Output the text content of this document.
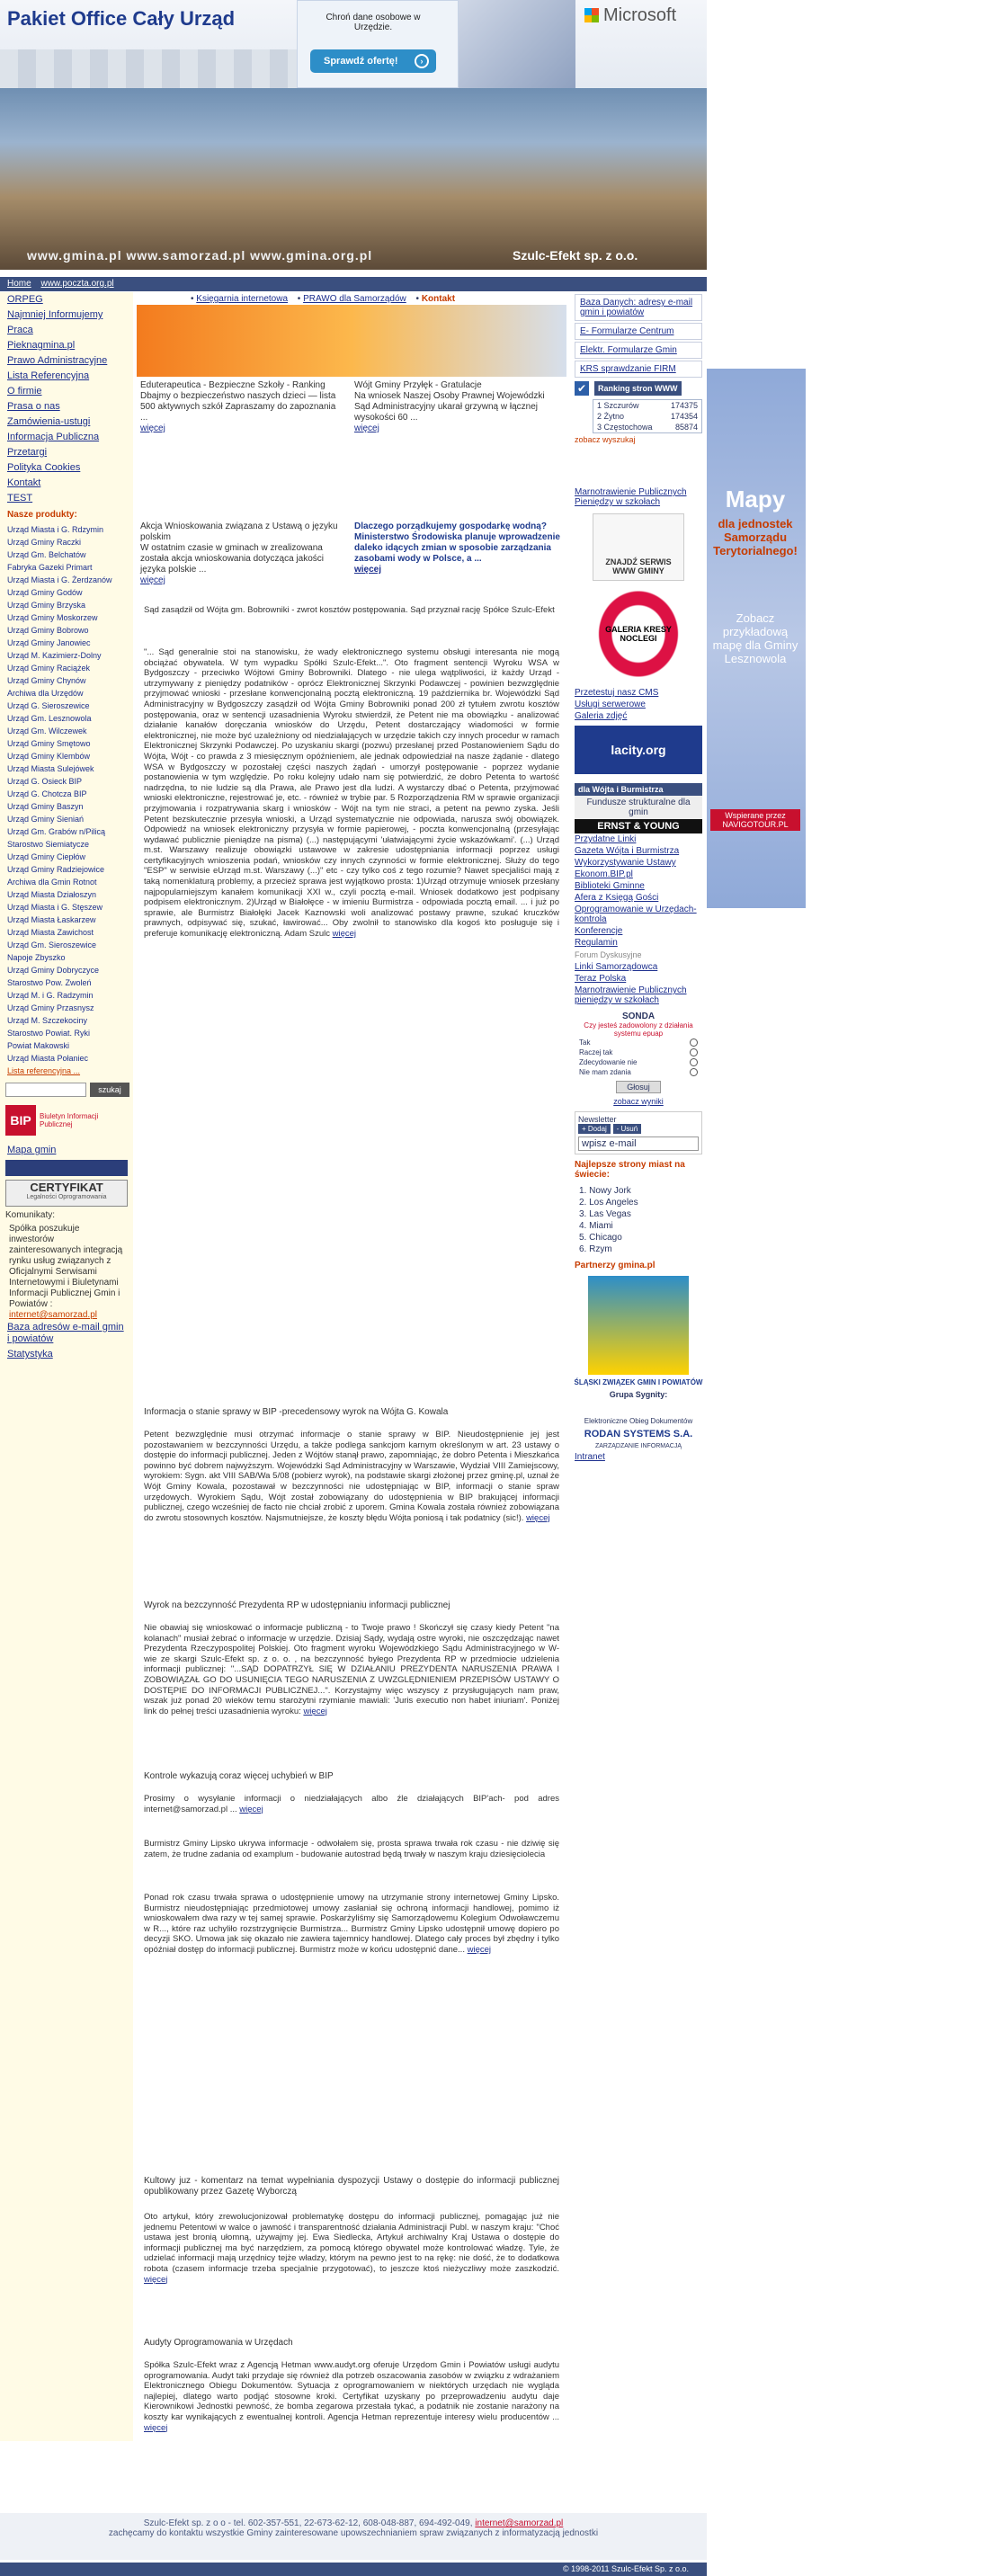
Pakiet Office Cały Urząd	Chroń dane osobowe w Urzędzie.
Sprawdź ofertę!	›
Microsoft
www.gmina.pl www.samorzad.pl www.gmina.org.pl	Szulc-Efekt sp. z o.o.
Home www.poczta.org.pl
ORPEG
Naj​mniej Informujemy
Praca
Pieknagmina.pl
Prawo Administracyjne
Lista Referencyjna
O firmie
Prasa o nas
Zamówienia-ustugi
Informacja Publiczna
Przetargi
Polityka Cookies
Kontakt
TEST
Nasze produkty:
Urząd Miasta i G. Rdzymin
Urząd Gminy Raczki
Urząd Gm. Belchatów
Fabryka Gazeki Primart
Urząd Miasta i G. Żerdzanów
Urząd Gminy Godów
Urząd Gminy Brzyska
Urząd Gminy Moskorzew
Urząd Gminy Bobrowo
Urząd Gminy Janowiec
Urząd M. Kazimierz-Dolny
Urząd Gminy Raciążek
Urząd Gminy Chynów
Archiwa dla Urzędów
Urząd G. Sieroszewice
Urząd Gm. Lesznowola
Urząd Gm. Wilczewek
Urząd Gminy Smętowo
Urząd Gminy Klembów
Urząd Miasta Sulejówek
Urząd G. Osieck BIP
Urząd G. Chotcza BIP
Urząd Gminy Baszyn
Urząd Gminy Sieniań
Urząd Gm. Grabów n/Pilicą
Starostwo Siemiatycze
Urząd Gminy Ciepłów
Urząd Gminy Radziejowice
Archiwa dla Gmin Rotnot
Urząd Miasta Działoszyn
Urząd Miasta i G. Stęszew
Urząd Miasta Łaskarzew
Urząd Miasta Zawichost
Urząd Gm. Sieroszewice
Napoje Zbyszko
Urząd Gminy Dobryczyce
Starostwo Pow. Zwoleń
Urząd M. i G. Radzymin
Urząd Gminy Przasnysz
Urząd M. Szczekociny
Starostwo Powiat. Ryki
Powiat Makowski
Urząd Miasta Połaniec
Lista referencyjna ...
szukaj
BIP	Biuletyn Informacji Publicznej
Mapa gmin
CERTYFIKAT
Legalności Oprogramowania
Komunikaty:
Spółka poszukuje inwestorów zainteresowanych integracją rynku usług związanych z Oficjalnymi Serwisami Internetowymi i Biuletynami Informacji Publicznej Gmin i Powiatów :
internet@samorzad.pl
Baza adresów e-mail gmin i powiatów
Statystyka
• Księgarnia internetowa • PRAWO dla Samorządów • Kontakt
Eduterapeutica - Bezpieczne Szkoły - Ranking
Dbajmy o bezpieczeństwo naszych dzieci — lista 500 aktywnych szkół Zapraszamy do zapoznania ...
więcej
Wójt Gminy Przyłęk - Gratulacje
Na wniosek Naszej Osoby Prawnej Wojewódzki Sąd Administracyjny ukarał grzywną w łącznej wysokości 60 ...
więcej
Akcja Wnioskowania związana z Ustawą o języku polskim
W ostatnim czasie w gminach w zrealizowana została akcja wnioskowania dotycząca jakości języka polskie ...
więcej
Dlaczego porządkujemy gospodarkę wodną? Ministerstwo Środowiska planuje wprowadzenie daleko idących zmian w sposobie zarządzania zasobami wody w Polsce, a ...
więcej
Sąd zasądził od Wójta gm. Bobrowniki - zwrot kosztów postępowania. Sąd przyznał rację Spółce Szulc-Efekt
"... Sąd generalnie stoi na stanowisku, że wady elektronicznego systemu obsługi interesanta nie mogą obciążać obywatela. W tym wypadku Spółki Szulc-Efekt...". Oto fragment sentencji Wyroku WSA w Bydgoszczy - przeciwko Wójtowi Gminy Bobrowniki. Dlatego - nie ulega wątpliwości, iż każdy Urząd - utrzymywany z pieniędzy podatników - oprócz Elektronicznej Skrzynki Podawczej - powinien bezwzględnie przyjmować wnioski - przesłane konwencjonalną pocztą elektroniczną. 19 października br. Wojewódzki Sąd Administracyjny w Bydgoszczy zasądził od Wójta Gminy Bobrowniki ponad 200 zł tytułem zwrotu kosztów postępowania, oraz w sentencji uzasadnienia Wyroku stwierdził, że Petent nie ma obowiązku - analizować działanie kanałów doręczania wniosków do Urzędu, Petent dostarczający wiadomości w formie elektronicznej, nie może być uzależniony od niedziałających w urzędzie takich czy innych procedur w ramach Elektronicznej Skrzynki Podawczej. Po uzyskaniu skargi (pozwu) przesłanej przed Postanowieniem Sądu do Wójta, Wójt - co prawda z 3 miesięcznym opóźnieniem, ale jednak odpowiedział na nasze żądanie - dlatego WSA w Bydgoszczy w pozostałej części naszych żądań - umorzył postępowanie - poprzez wydanie postanowienia w tym względzie. Po roku kolejny udało nam się potwierdzić, że dobro Petenta to wartość nadrzędna, to nie ludzie są dla Prawa, ale Prawo jest dla ludzi. A wystarczy dbać o Petenta, przyjmować wnioski elektroniczne, rejestrować je, etc. - również w trybie par. 5 Rozporządzenia RM w sprawie organizacji przyjmowania i rozpatrywania skarg i wniosków - Wójt na tym nie straci, a petent na pewno zyska. Jeśli Petent bezskutecznie przesyła wnioski, a Urząd systematycznie nie odpowiada, narusza swój obowiązek. Odpowiedź na wniosek elektroniczny przysyła w formie papierowej, - poczta konwencjonalną (przesyłając wydawać publicznie pieniądze na pisma) (...) następującymi 'ułatwiającymi życie wskazówkami'. (...) Urząd m.st. Warszawy realizuje obowiązki ustawowe w zakresie udostępniania informacji poprzez usługi certyfikacyjnych wnioszenia podań, wniosków czy innych czynności w formie elektronicznej. Służy do tego "ESP" w serwisie eUrząd m.st. Warszawy (...)" etc - czy tylko coś z tego rozumie? Nawet specjaliści mają z taką nomenklaturą problemy, a przecież sprawa jest wyjątkowo prosta: 1)Urząd otrzymuje wniosek przesłany najpopularniejszym kanałem komunikacji XXI w., czyli pocztą e-mail. Wniosek dodatkowo jest podpisany podpisem elektronicznym. 2)Urząd w Białołęce - w imieniu Burmistrza - odpowiada pocztą email. ... i już po sprawie, ale Burmistrz Białołęki Jacek Kaznowski woli analizować postawy prawne, szukać kruczków prawnych, odpisywać się, szukać, ławirować... Oby zwolnił to stanowisko dla kogoś kto posługuje się i preferuje komunikację elektroniczną. Adam Szulc więcej
Informacja o stanie sprawy w BIP -precedensowy wyrok na Wójta G. Kowala
Petent bezwzględnie musi otrzymać informacje o stanie sprawy w BIP. Nieudostępnienie jej jest pozostawaniem w bezczynności Urzędu, a także podlega sankcjom karnym określonym w art. 23 ustawy o dostępie do informacji publicznej. Jeden z Wójtów stanął prawo, zapomniając, że dobro Petenta i Mieszkańca powinno być dobrem najwyższym. Wojewódzki Sąd Administracyjny w Warszawie, Wydział VIII Zamiejscowy, wyrokiem: Sygn. akt VIII SAB/Wa 5/08 (pobierz wyrok), na podstawie skargi złożonej przez gminę.pl, uznał że Wójt Gminy Kowala, pozostawał w bezczynności nie udostępniając w BIP, informacji o stanie spraw urzędowych. Wyrokiem Sądu, Wójt został zobowiązany do udostępnienia w BIP brakującej informacji publicznej, czego wcześniej de facto nie chciał zrobić z uporem. Gmina Kowala została również zobowiązana do zwrotu stosownych kosztów. Najsmutniejsze, że koszty błędu Wójta poniosą i tak podatnicy (sic!). więcej
Wyrok na bezczynność Prezydenta RP w udostępnianiu informacji publicznej
Nie obawiaj się wnioskować o informacje publiczną - to Twoje prawo ! Skończył się czasy kiedy Petent "na kolanach" musiał żebrać o informacje w urzędzie. Dzisiaj Sądy, wydają ostre wyroki, nie oszczędzając nawet Prezydenta Rzeczypospolitej Polskiej. Oto fragment wyroku Wojewódzkiego Sądu Administracyjnego w W-wie ze skargi Szulc-Efekt sp. z o. o. , na bezczynność byłego Prezydenta RP w przedmiocie udzielenia informacji publicznej: "...SĄD DOPATRZYŁ SIĘ W DZIAŁANIU PREZYDENTA NARUSZENIA PRAWA I ZOBOWIĄZAŁ GO DO USUNIĘCIA TEGO NARUSZENIA Z UWZGLĘDNIENIEM PRZEPISÓW USTAWY O DOSTĘPIE DO INFORMACJI PUBLICZNEJ...". Korzystajmy więc wszyscy z przysługujących nam praw, wszak już ponad 20 wieków temu starożytni rzymianie mawiali: 'Juris executio non habet iniuriam'. Poniżej link do pełnej treści uzasadnienia wyroku: więcej
Kontrole wykazują coraz więcej uchybień w BIP
Prosimy o wysyłanie informacji o niedziałających albo źle działających BIP'ach- pod adres internet@samorzad.pl ... więcej
Burmistrz Gminy Lipsko ukrywa informacje - odwołałem się, prosta sprawa trwała rok czasu - nie dziwię się zatem, że trudne zadania od examplum - budowanie autostrad będą trwały w naszym kraju dziesięciolecia
Ponad rok czasu trwała sprawa o udostępnienie umowy na utrzymanie strony internetowej Gminy Lipsko. Burmistrz nieudostępniając przedmiotowej umowy zasłaniał się ochroną informacji handlowej, pomimo iż wnioskowałem dwa razy w tej samej sprawie. Poskarżyliśmy się Samorządowemu Kolegium Odwoławczemu w R..., które raz uchyliło rozstrzygnięcie Burmistrza... Burmistrz Gminy Lipsko udostępnił umowę dopiero po decyzji SKO. Umowa jak się okazało nie zawiera tajemnicy handlowej. Dlatego cały proces był zbędny i tylko opóźniał dostęp do informacji publicznej. Burmistrz może w końcu udostępnić dane... więcej
Kultowy juz - komentarz na temat wypełniania dyspozycji Ustawy o dostępie do informacji publicznej opublikowany przez Gazetę Wyborczą
Oto artykuł, który zrewolucjonizował problematykę dostępu do informacji publicznej, pomagając już nie jednemu Petentowi w walce o jawność i transparentność działania Administracji Publ. w naszym kraju: "Choć ustawa jest bronią ułomną, używajmy jej. Ewa Siedlecka, Artykuł archiwalny Kraj Ustawa o dostępie do informacji publicznej ma być narzędziem, za pomocą którego obywatel może kontrolować władzę. Tyle, że udzielać informacji mają urzędnicy tejże władzy, którym na pewno jest to na rękę: nie dość, że to dodatkowa robota (czasem informacje trzeba specjalnie przygotować), to jeszcze ktoś nieżyczliwy może zaszkodzić. więcej
Audyty Oprogramowania w Urzędach
Spółka Szulc-Efekt wraz z Agencją Hetman www.audyt.org oferuje Urzędom Gmin i Powiatów usługi audytu oprogramowania. Audyt taki przydaje się również dla potrzeb oszacowania zasobów w związku z wdrażaniem Elektronicznego Obiegu Dokumentów. Sytuacja z oprogramowaniem w niektórych urzędach nie wygląda najlepiej, dlatego warto podjąć stosowne kroki. Certyfikat uzyskany po przeprowadzeniu audytu daje Kierownikowi Jednostki pewność, że bomba zegarowa przestała tykać, a podatnik nie zostanie narażony na koszty kar wynikających z ewentualnej kontroli. Agencja Hetman reprezentuje interesy wielu producentów ... więcej
Baza Danych: adresy e-mail gmin i powiatów
E- Formularze Centrum
Elektr. Formularze Gmin
KRS sprawdzanie FIRM
✔	Ranking stron WWW
1 Szczurów	174375
2 Żytno	174354
3 Częstochowa	85874
zobacz wyszukaj
Marnotrawienie Publicznych Pieniędzy w szkołach
ZNAJDŹ SERWIS WWW GMINY
GALERIA KRESY NOCLEGI
Przetestuj nasz CMS
Usługi serwerowe
Galeria zdjęć
lacity.org
dla Wójta i Burmistrza
Fundusze strukturalne dla gmin
ERNST & YOUNG
Przydatne Linki
Gazeta Wójta i Burmistrza
Wykorzystywanie Ustawy
Ekonom.BIP.pl
Biblioteki Gminne
Afera z Księgą Gości
Oprogramowanie w Urzędach-kontrola
Konferencje
Regulamin
Forum Dyskusyjne
Linki Samorządowca
Teraz Polska
Marnotrawienie Publicznych pieniędzy w szkołach
SONDA
Czy jesteś zadowolony z działania systemu epuap
Tak
Raczej tak
Zdecydowanie nie
Nie mam zdania
Głosuj
zobacz wyniki
Newsletter
+ Dodaj - Usuń
wpisz e-mail
Najlepsze strony miast na świecie:
1. Nowy Jork
2. Los Angeles
3. Las Vegas
4. Miami
5. Chicago
6. Rzym
Partnerzy gmina.pl
ŚLĄSKI ZWIĄZEK GMIN I POWIATÓW
Grupa Sygnity:
Elektroniczne Obieg Dokumentów
RODAN SYSTEMS S.A.
ZARZĄDZANIE INFORMACJĄ
Intranet
Szulc-Efekt sp. z o o - tel. 602-357-551, 22-673-62-12, 608-048-887, 694-492-049, internet@samorzad.pl
zachęcamy do kontaktu wszystkie Gminy zainteresowane upowszechnianiem spraw związanych z informatyzacją jednostki
© 1998-2011 Szulc-Efekt Sp. z o.o.
Mapy
dla jednostek Samorządu Terytorialnego!
Zobacz przykładową mapę dla Gminy Lesznowola
Wspierane przez NAVIGOTOUR.PL
